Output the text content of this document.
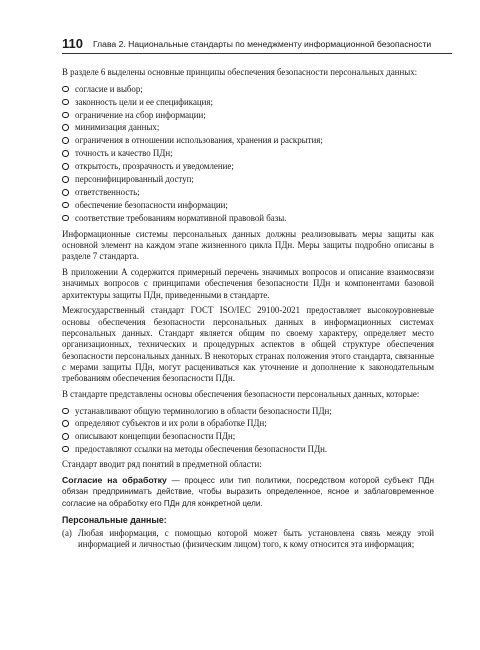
110 Глава 2. Национальные стандарты по менеджменту информационной безопасности

В разделе 6 выделены основные принципы обеспечения безопасности персональных данных:

согласие и выбор;
законность цели и ее спецификация;
ограничение на сбор информации;
минимизация данных;
ограничения в отношении использования, хранения и раскрытия;
точность и качество ПДн;
открытость, прозрачность и уведомление;
персонифицированный доступ;
ответственность;
обеспечение безопасности информации;
соответствие требованиям нормативной правовой базы.

Информационные системы персональных данных должны реализовывать меры защиты как основной элемент на каждом этапе жизненного цикла ПДн. Меры защиты подробно описаны в разделе 7 стандарта.

В приложении А содержится примерный перечень значимых вопросов и описание взаимосвязи значимых вопросов с принципами обеспечения безопасности ПДн и компонентами базовой архитектуры защиты ПДн, приведенными в стандарте.

Межгосударственный стандарт ГОСТ ISO/IEC 29100-2021 предоставляет высокоуровневые основы обеспечения безопасности персональных данных в информационных системах персональных данных. Стандарт является общим по своему характеру, определяет место организационных, технических и процедурных аспектов в общей структуре обеспечения безопасности персональных данных. В некоторых странах положения этого стандарта, связанные с мерами защиты ПДн, могут расцениваться как уточнение и дополнение к законодательным требованиям обеспечения безопасности ПДн.

В стандарте представлены основы обеспечения безопасности персональных данных, которые:

устанавливают общую терминологию в области безопасности ПДн;
определяют субъектов и их роли в обработке ПДн;
описывают концепции безопасности ПДн;
предоставляют ссылки на методы обеспечения безопасности ПДн.

Стандарт вводит ряд понятий в предметной области:

Согласие на обработку — процесс или тип политики, посредством которой субъект ПДн обязан предприниматъ действие, чтобы выразить определенное, ясное и заблаговременное согласие на обработку его ПДн для конкретной цели.

Персональные данные:
(а) Любая информация, с помощью которой может быть установлена связь между этой информацией и личностью (физическим лицом) того, к кому относится эта информация;
